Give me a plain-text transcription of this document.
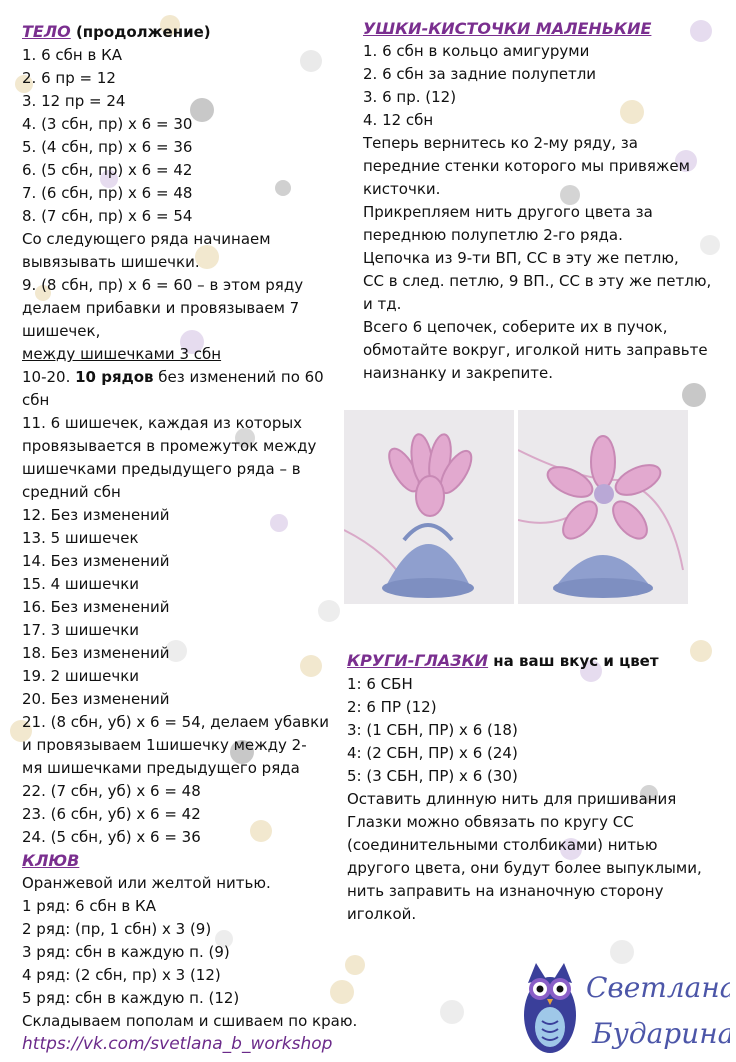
ТЕЛО (продолжение)
1. 6 сбн в КА
2. 6 пр = 12
3. 12 пр = 24
4. (3 сбн, пр) х 6 = 30
5. (4 сбн, пр) х 6 = 36
6. (5 сбн, пр) х 6 = 42
7. (6 сбн, пр) х 6 = 48
8. (7 сбн, пр) х 6 = 54
Со следующего ряда начинаем
вывязывать шишечки.
9. (8 сбн, пр) х 6 = 60 – в этом ряду
делаем прибавки и провязываем 7
шишечек,
между шишечками 3 сбн
10-20. 10 рядов без изменений по 60
сбн
11. 6 шишечек, каждая из которых
провязывается в промежуток между
шишечками предыдущего ряда – в
средний сбн
12. Без изменений
13. 5 шишечек
14. Без изменений
15. 4 шишечки
16. Без изменений
17. 3 шишечки
18. Без изменений
19. 2 шишечки
20. Без изменений
21. (8 сбн, уб) х 6 = 54, делаем убавки
и провязываем 1шишечку между 2-
мя шишечками предыдущего ряда
22. (7 сбн, уб) х 6 = 48
23. (6 сбн, уб) х 6 = 42
24. (5 сбн, уб) х 6 = 36
КЛЮВ
Оранжевой или желтой нитью.
1 ряд: 6 сбн в КА
2 ряд: (пр, 1 сбн) х 3 (9)
3 ряд: сбн в каждую п. (9)
4 ряд: (2 сбн, пр) х 3 (12)
5 ряд: сбн в каждую п. (12)
Складываем пополам и сшиваем по краю.
https://vk.com/svetlana_b_workshop
УШКИ-КИСТОЧКИ МАЛЕНЬКИЕ
1. 6 сбн в кольцо амигуруми
2. 6 сбн за задние полупетли
3. 6 пр. (12)
4. 12 сбн
Теперь вернитесь ко 2-му ряду, за
передние стенки которого мы привяжем
кисточки.
Прикрепляем нить другого цвета за
переднюю полупетлю 2-го ряда.
Цепочка из 9-ти ВП, СС в эту же петлю,
СС в след. петлю, 9 ВП., СС в эту же петлю,
и тд.
Всего 6 цепочек, соберите их в пучок,
обмотайте вокруг, иголкой нить заправьте
наизнанку и закрепите.
КРУГИ-ГЛАЗКИ на ваш вкус и цвет
1: 6 СБН
2: 6 ПР (12)
3: (1 СБН, ПР) х 6 (18)
4: (2 СБН, ПР) х 6 (24)
5: (3 СБН, ПР) х 6 (30)
Оставить длинную нить для пришивания
Глазки можно обвязать по кругу СС
(соединительными столбиками) нитью
другого цвета, они будут более выпуклыми,
нить заправить на изнаночную сторону
иголкой.
Светлана
Бударина
